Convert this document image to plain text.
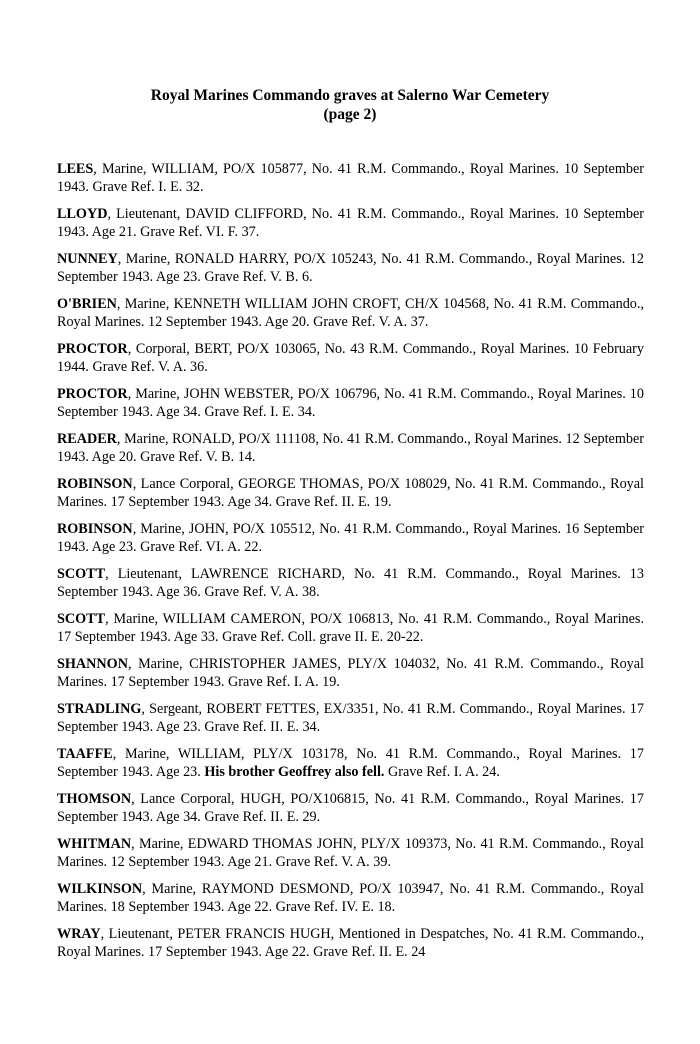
Royal Marines Commando graves at Salerno War Cemetery
(page 2)

LEES, Marine, WILLIAM, PO/X 105877, No. 41 R.M. Commando., Royal Marines. 10 September 1943. Grave Ref. I. E. 32.

LLOYD, Lieutenant, DAVID CLIFFORD, No. 41 R.M. Commando., Royal Marines. 10 September 1943. Age 21. Grave Ref. VI. F. 37.

NUNNEY, Marine, RONALD HARRY, PO/X 105243, No. 41 R.M. Commando., Royal Marines. 12 September 1943. Age 23. Grave Ref. V. B. 6.

O'BRIEN, Marine, KENNETH WILLIAM JOHN CROFT, CH/X 104568, No. 41 R.M. Commando., Royal Marines. 12 September 1943. Age 20. Grave Ref. V. A. 37.

PROCTOR, Corporal, BERT, PO/X 103065, No. 43 R.M. Commando., Royal Marines. 10 February 1944. Grave Ref. V. A. 36.

PROCTOR, Marine, JOHN WEBSTER, PO/X 106796, No. 41 R.M. Commando., Royal Marines. 10 September 1943. Age 34. Grave Ref. I. E. 34.

READER, Marine, RONALD, PO/X 111108, No. 41 R.M. Commando., Royal Marines. 12 September 1943. Age 20. Grave Ref. V. B. 14.

ROBINSON, Lance Corporal, GEORGE THOMAS, PO/X 108029, No. 41 R.M. Commando., Royal Marines. 17 September 1943. Age 34. Grave Ref. II. E. 19.

ROBINSON, Marine, JOHN, PO/X 105512, No. 41 R.M. Commando., Royal Marines. 16 September 1943. Age 23. Grave Ref. VI. A. 22.

SCOTT, Lieutenant, LAWRENCE RICHARD, No. 41 R.M. Commando., Royal Marines. 13 September 1943. Age 36. Grave Ref. V. A. 38.

SCOTT, Marine, WILLIAM CAMERON, PO/X 106813, No. 41 R.M. Commando., Royal Marines. 17 September 1943. Age 33. Grave Ref. Coll. grave II. E. 20-22.

SHANNON, Marine, CHRISTOPHER JAMES, PLY/X 104032, No. 41 R.M. Commando., Royal Marines. 17 September 1943. Grave Ref. I. A. 19.

STRADLING, Sergeant, ROBERT FETTES, EX/3351, No. 41 R.M. Commando., Royal Marines. 17 September 1943. Age 23. Grave Ref. II. E. 34.

TAAFFE, Marine, WILLIAM, PLY/X 103178, No. 41 R.M. Commando., Royal Marines. 17 September 1943. Age 23. His brother Geoffrey also fell. Grave Ref. I. A. 24.

THOMSON, Lance Corporal, HUGH, PO/X106815, No. 41 R.M. Commando., Royal Marines. 17 September 1943. Age 34. Grave Ref. II. E. 29.

WHITMAN, Marine, EDWARD THOMAS JOHN, PLY/X 109373, No. 41 R.M. Commando., Royal Marines. 12 September 1943. Age 21. Grave Ref. V. A. 39.

WILKINSON, Marine, RAYMOND DESMOND, PO/X 103947, No. 41 R.M. Commando., Royal Marines. 18 September 1943. Age 22. Grave Ref. IV. E. 18.

WRAY, Lieutenant, PETER FRANCIS HUGH, Mentioned in Despatches, No. 41 R.M. Commando., Royal Marines. 17 September 1943. Age 22. Grave Ref. II. E. 24
